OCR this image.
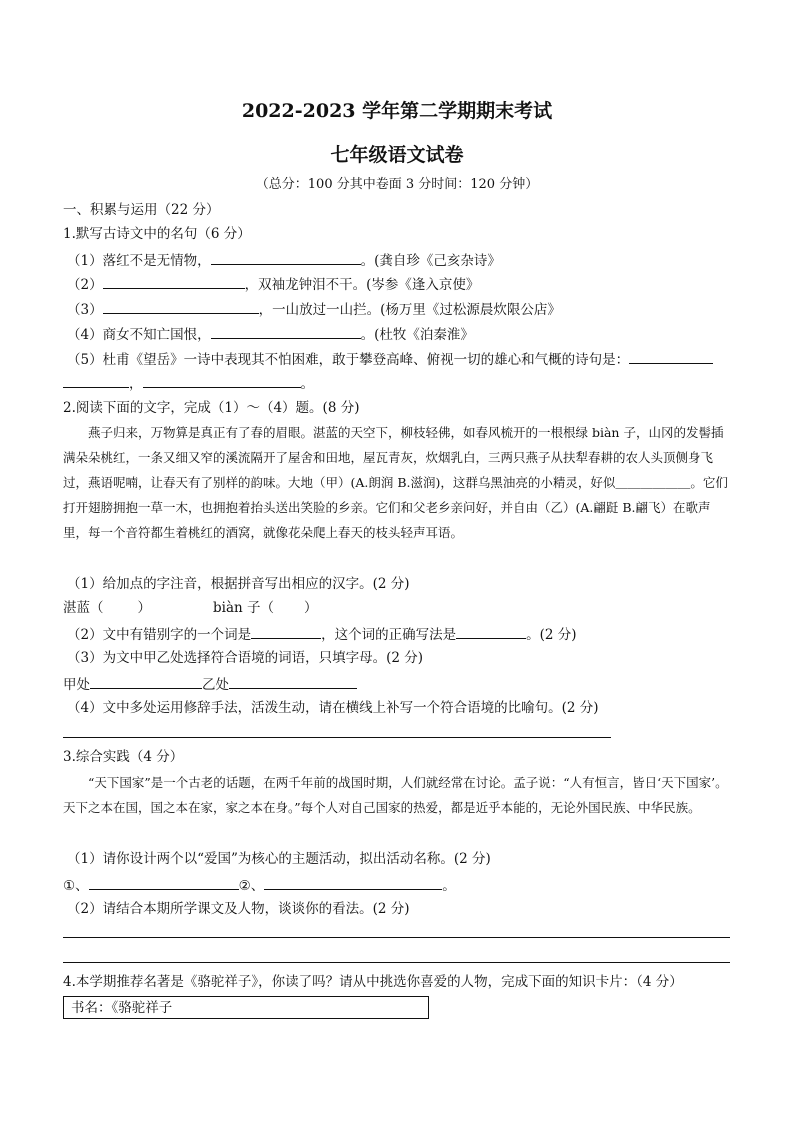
2022-2023 学年第二学期期末考试
七年级语文试卷
（总分：100 分其中卷面 3 分时间：120 分钟）
一、积累与运用（22 分）
1.默写古诗文中的名句（6 分）
（1）落红不是无情物，	。(龚自珍《己亥杂诗》
（2）	，双袖龙钟泪不干。(岑参《逢入京使》
（3）	，一山放过一山拦。(杨万里《过松源晨炊限公店》
（4）商女不知亡国恨，	。(杜牧《泊秦淮》
（5）杜甫《望岳》一诗中表现其不怕困难，敢于攀登高峰、俯视一切的雄心和气概的诗句是：
，	。
2.阅读下面的文字，完成（1）～（4）题。(8 分)
燕子归来，万物算是真正有了春的眉眼。湛蓝的天空下，柳枝轻佛，如春风梳开的一根根绿 biàn 子，山冈的发髻插满朵朵桃红，一条又细又窄的溪流隔开了屋舍和田地，屋瓦青灰，炊烟乳白，三两只燕子从扶犁春耕的农人头顶侧身飞过，燕语呢喃，让春天有了别样的韵味。大地（甲）(A.朗润 B.滋润)，这群乌黑油亮的小精灵，好似＿＿＿＿＿＿。它们打开翅膀拥抱一草一木，也拥抱着抬头送出笑脸的乡亲。它们和父老乡亲问好，并自由（乙）(A.翩跹 B.翩飞）在歌声里，每一个音符都生着桃红的酒窝，就像花朵爬上春天的枝头轻声耳语。
（1）给加点的字注音，根据拼音写出相应的汉字。(2 分)
湛蓝（	）	biàn 子（ ）
（2）文中有错别字的一个词是	，这个词的正确写法是	。(2 分)
（3）为文中甲乙处选择符合语境的词语，只填字母。(2 分)
甲处	乙处
（4）文中多处运用修辞手法，活泼生动，请在横线上补写一个符合语境的比喻句。(2 分)
3.综合实践（4 分）
“天下国家”是一个古老的话题，在两千年前的战国时期，人们就经常在讨论。孟子说：“人有恒言，皆日‘天下国家’。天下之本在国，国之本在家，家之本在身。”每个人对自己国家的热爱，都是近乎本能的，无论外国民族、中华民族。
（1）请你设计两个以“爱国”为核心的主题活动，拟出活动名称。(2 分)
①、	②、	。
（2）请结合本期所学课文及人物，谈谈你的看法。(2 分)
4.本学期推荐名著是《骆驼祥子》，你读了吗？请从中挑选你喜爱的人物，完成下面的知识卡片：（4 分）
书名：《骆驼祥子
